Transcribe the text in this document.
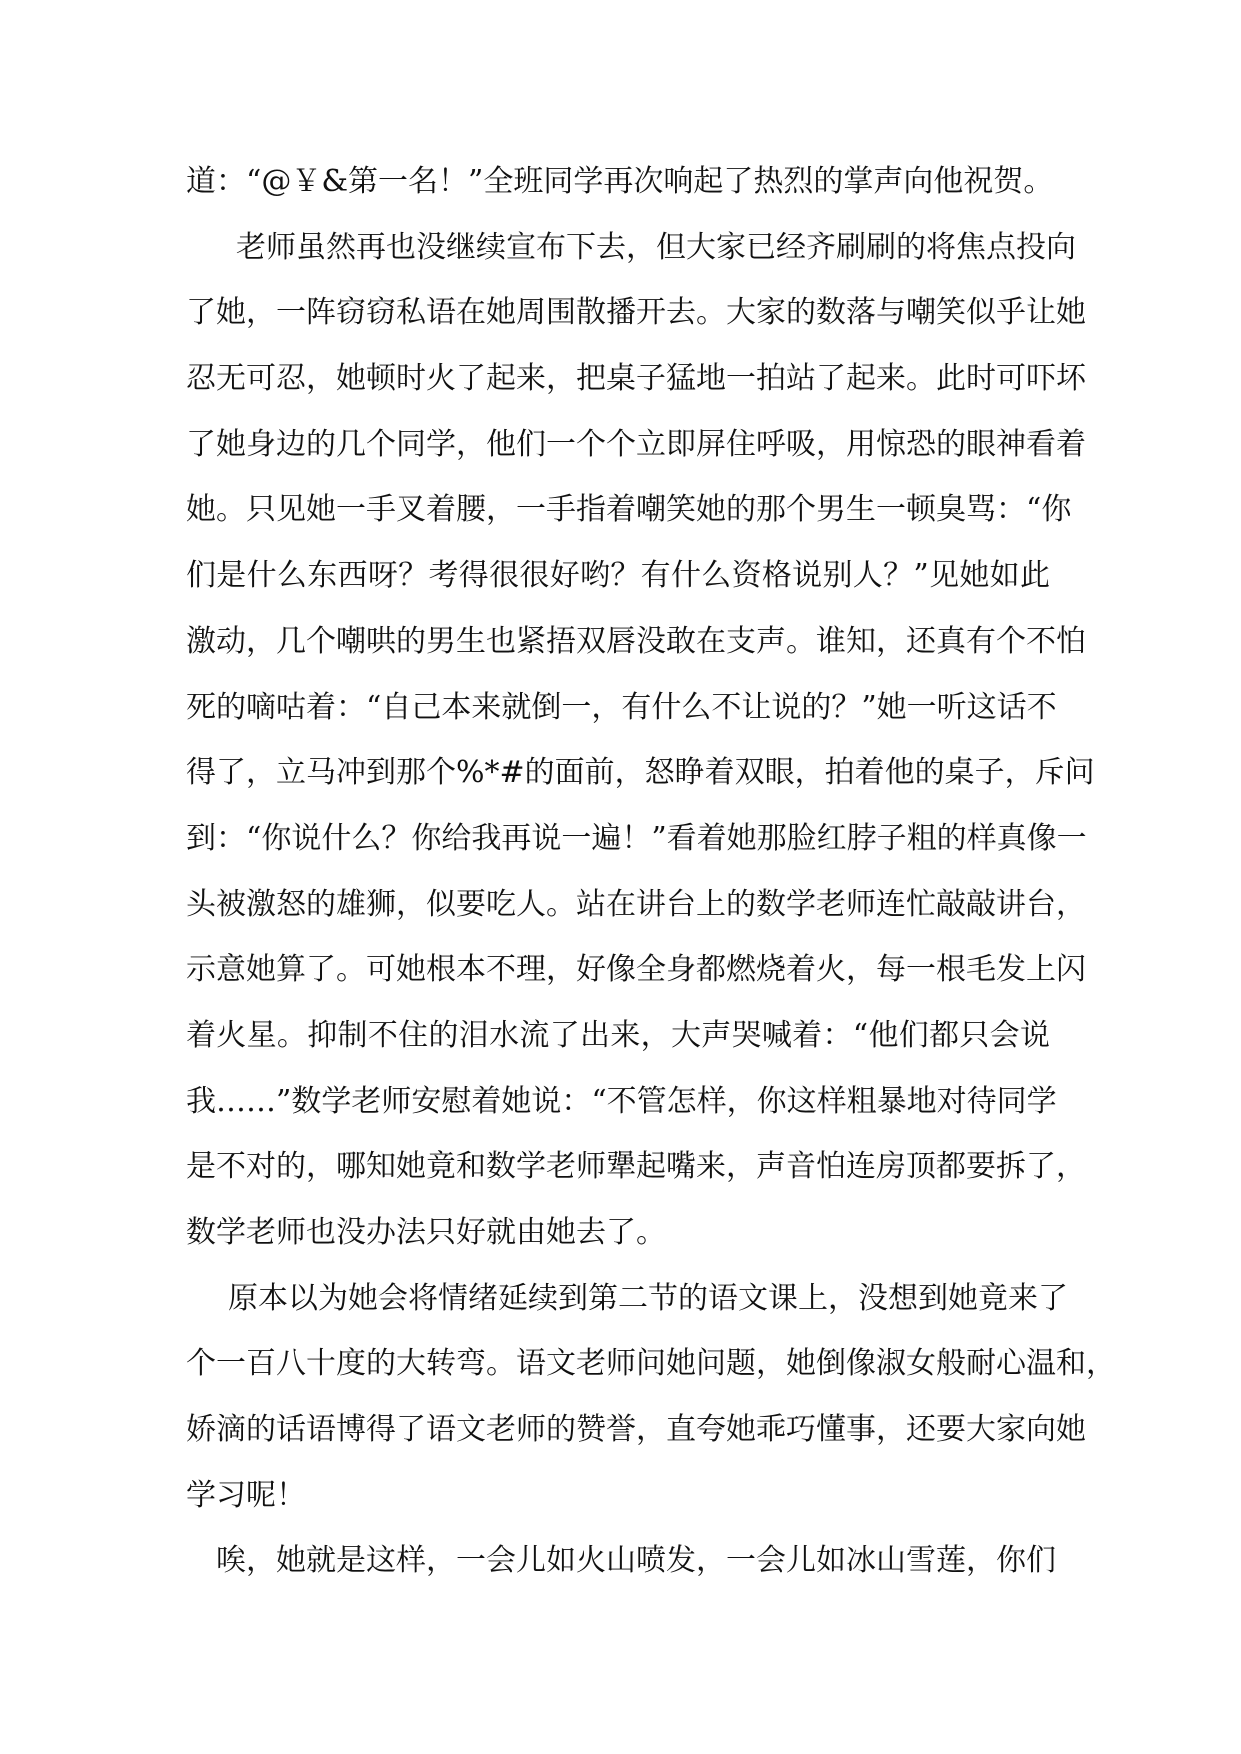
道：“@￥&第一名！”全班同学再次响起了热烈的掌声向他祝贺。
老师虽然再也没继续宣布下去，但大家已经齐刷刷的将焦点投向
了她，一阵窃窃私语在她周围散播开去。大家的数落与嘲笑似乎让她
忍无可忍，她顿时火了起来，把桌子猛地一拍站了起来。此时可吓坏
了她身边的几个同学，他们一个个立即屏住呼吸，用惊恐的眼神看着
她。只见她一手叉着腰，一手指着嘲笑她的那个男生一顿臭骂：“你
们是什么东西呀？考得很很好哟？有什么资格说别人？”见她如此
激动，几个嘲哄的男生也紧捂双唇没敢在支声。谁知，还真有个不怕
死的嘀咕着：“自己本来就倒一，有什么不让说的？”她一听这话不
得了，立马冲到那个%*#的面前，怒睁着双眼，拍着他的桌子，斥问
到：“你说什么？你给我再说一遍！”看着她那脸红脖子粗的样真像一
头被激怒的雄狮，似要吃人。站在讲台上的数学老师连忙敲敲讲台，
示意她算了。可她根本不理，好像全身都燃烧着火，每一根毛发上闪
着火星。抑制不住的泪水流了出来，大声哭喊着：“他们都只会说
我……”数学老师安慰着她说：“不管怎样，你这样粗暴地对待同学
是不对的，哪知她竟和数学老师犟起嘴来，声音怕连房顶都要拆了，
数学老师也没办法只好就由她去了。
原本以为她会将情绪延续到第二节的语文课上，没想到她竟来了
个一百八十度的大转弯。语文老师问她问题，她倒像淑女般耐心温和，
娇滴的话语博得了语文老师的赞誉，直夸她乖巧懂事，还要大家向她
学习呢！
唉，她就是这样，一会儿如火山喷发，一会儿如冰山雪莲，你们
